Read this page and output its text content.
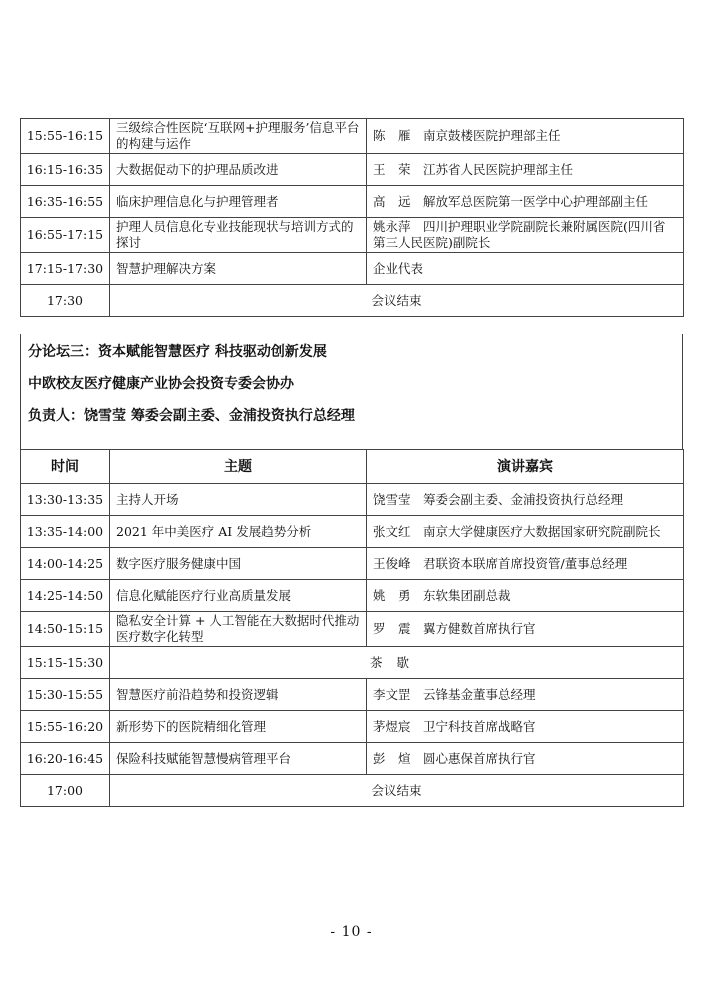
15:55-16:15	三级综合性医院‘互联网+护理服务’信息平台的构建与运作	陈　雁　南京鼓楼医院护理部主任
16:15-16:35	大数据促动下的护理品质改进	王　荣　江苏省人民医院护理部主任
16:35-16:55	临床护理信息化与护理管理者	高　远　解放军总医院第一医学中心护理部副主任
16:55-17:15	护理人员信息化专业技能现状与培训方式的探讨	姚永萍　四川护理职业学院副院长兼附属医院(四川省第三人民医院)副院长
17:15-17:30	智慧护理解决方案	企业代表
17:30	会议结束	
分论坛三：资本赋能智慧医疗 科技驱动创新发展
中欧校友医疗健康产业协会投资专委会协办
负责人：饶雪莹 筹委会副主委、金浦投资执行总经理
时间	主题	演讲嘉宾
13:30-13:35	主持人开场	饶雪莹　筹委会副主委、金浦投资执行总经理
13:35-14:00	2021 年中美医疗 AI 发展趋势分析	张文红　南京大学健康医疗大数据国家研究院副院长
14:00-14:25	数字医疗服务健康中国	王俊峰　君联资本联席首席投资管/董事总经理
14:25-14:50	信息化赋能医疗行业高质量发展	姚　勇　东软集团副总裁
14:50-15:15	隐私安全计算 + 人工智能在大数据时代推动医疗数字化转型	罗　震　翼方健数首席执行官
15:15-15:30	茶歇	
15:30-15:55	智慧医疗前沿趋势和投资逻辑	李文罡　云锋基金董事总经理
15:55-16:20	新形势下的医院精细化管理	茅煜宸　卫宁科技首席战略官
16:20-16:45	保险科技赋能智慧慢病管理平台	彭　煊　圆心惠保首席执行官
17:00	会议结束	
- 10 -
